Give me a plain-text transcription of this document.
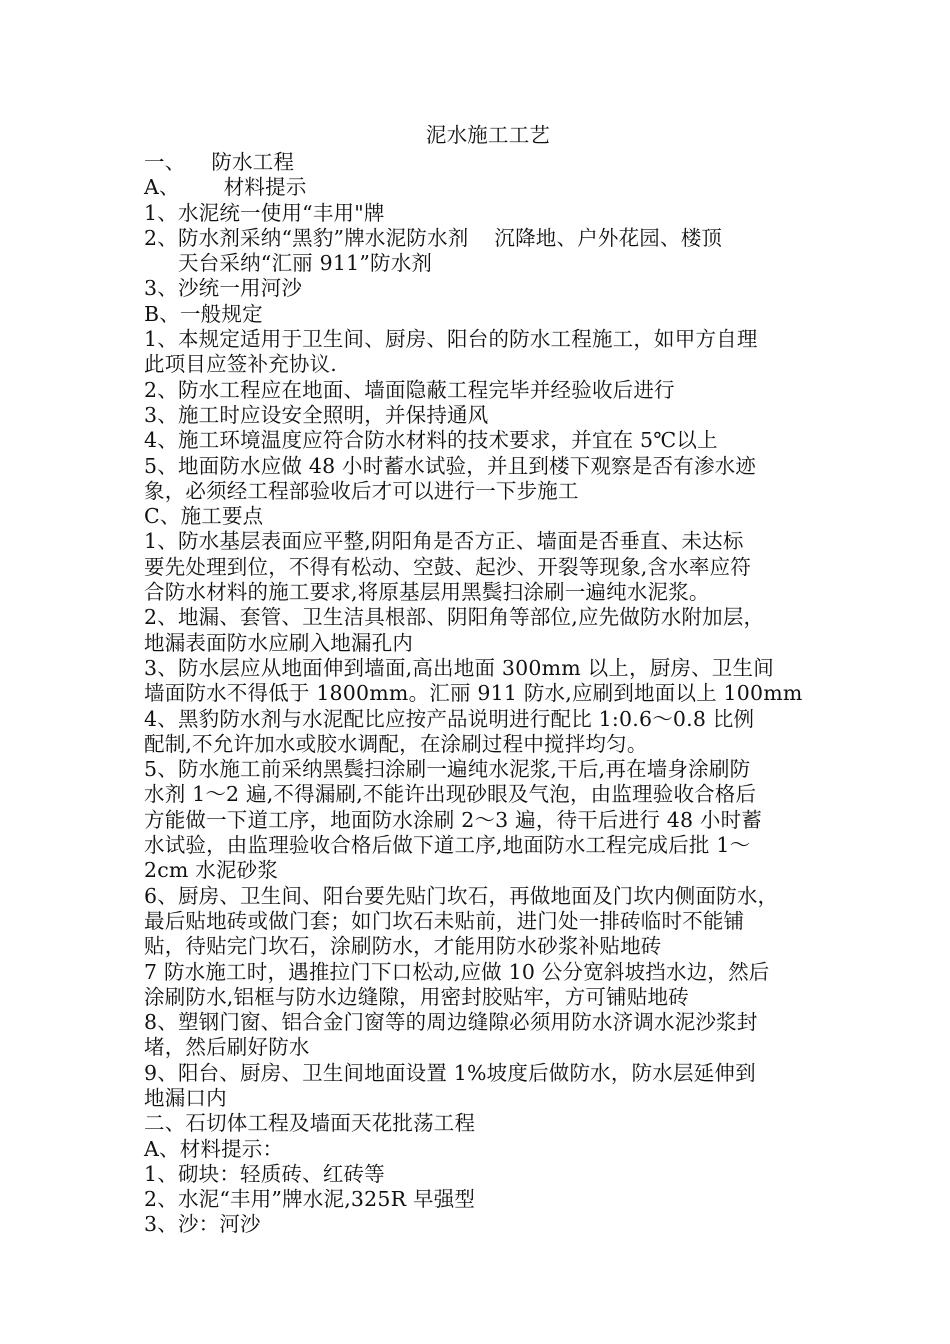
泥水施工工艺
一、 防水工程
A、 材料提示
1、水泥统一使用“丰用"牌
2、防水剂采纳“黑豹”牌水泥防水剂 沉降地、户外花园、楼顶
天台采纳“汇丽 911”防水剂
3、沙统一用河沙
B、一般规定
1、本规定适用于卫生间、厨房、阳台的防水工程施工，如甲方自理
此项目应签补充协议.
2、防水工程应在地面、墙面隐蔽工程完毕并经验收后进行
3、施工时应设安全照明，并保持通风
4、施工环境温度应符合防水材料的技术要求，并宜在 5℃以上
5、地面防水应做 48 小时蓄水试验，并且到楼下观察是否有渗水迹
象，必须经工程部验收后才可以进行一下步施工
C、施工要点
1、防水基层表面应平整,阴阳角是否方正、墙面是否垂直、未达标
要先处理到位，不得有松动、空鼓、起沙、开裂等现象,含水率应符
合防水材料的施工要求,将原基层用黑鬓扫涂刷一遍纯水泥浆。
2、地漏、套管、卫生洁具根部、阴阳角等部位,应先做防水附加层，
地漏表面防水应刷入地漏孔内
3、防水层应从地面伸到墙面,高出地面 300mm 以上，厨房、卫生间
墙面防水不得低于 1800mm。汇丽 911 防水,应刷到地面以上 100mm
4、黑豹防水剂与水泥配比应按产品说明进行配比 1:0.6～0.8 比例
配制,不允许加水或胶水调配，在涂刷过程中搅拌均匀。
5、防水施工前采纳黑鬓扫涂刷一遍纯水泥浆,干后,再在墙身涂刷防
水剂 1～2 遍,不得漏刷,不能许出现砂眼及气泡，由监理验收合格后
方能做一下道工序，地面防水涂刷 2～3 遍，待干后进行 48 小时蓄
水试验，由监理验收合格后做下道工序,地面防水工程完成后批 1～
2cm 水泥砂浆
6、厨房、卫生间、阳台要先贴门坎石，再做地面及门坎内侧面防水，
最后贴地砖或做门套；如门坎石未贴前，进门处一排砖临时不能铺
贴，待贴完门坎石，涂刷防水，才能用防水砂浆补贴地砖
7 防水施工时，遇推拉门下口松动,应做 10 公分宽斜坡挡水边，然后
涂刷防水,铝框与防水边缝隙，用密封胶贴牢，方可铺贴地砖
8、塑钢门窗、铝合金门窗等的周边缝隙必须用防水济调水泥沙浆封
堵，然后刷好防水
9、阳台、厨房、卫生间地面设置 1%坡度后做防水，防水层延伸到
地漏口内
二、石切体工程及墙面天花批荡工程
A、材料提示：
1、砌块：轻质砖、红砖等
2、水泥“丰用”牌水泥,325R 早强型
3、沙：河沙
